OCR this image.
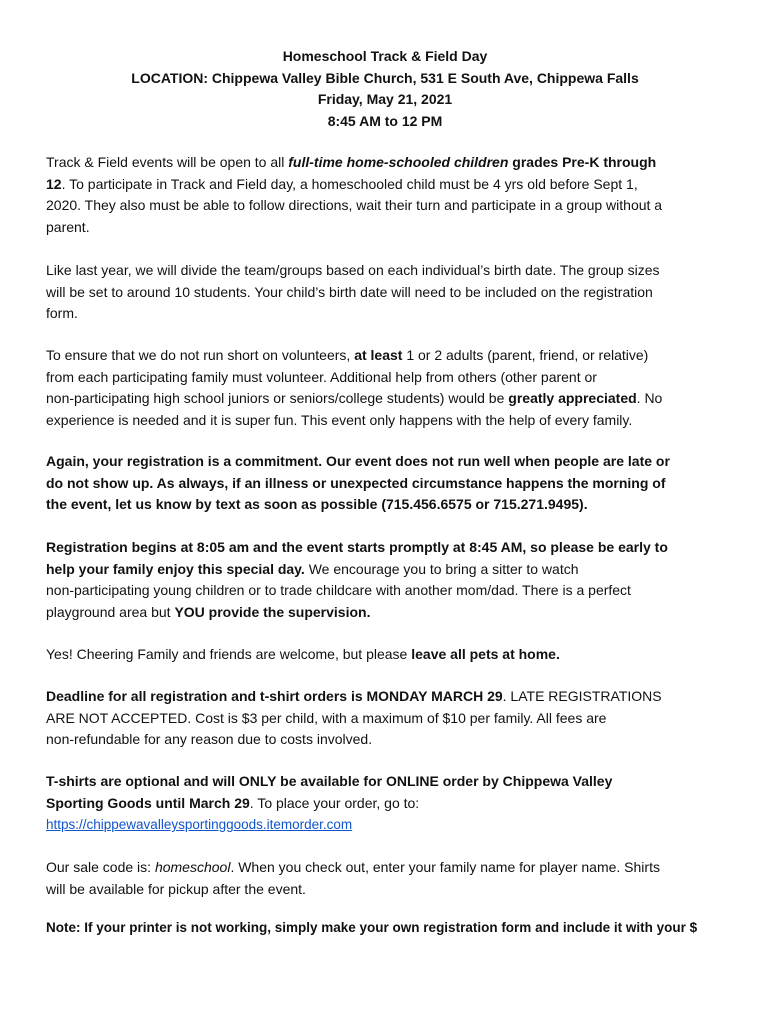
Homeschool Track & Field Day
LOCATION: Chippewa Valley Bible Church, 531 E South Ave, Chippewa Falls
Friday, May 21, 2021
8:45 AM to 12 PM
Track & Field events will be open to all full-time home-schooled children grades Pre-K through
12. To participate in Track and Field day, a homeschooled child must be 4 yrs old before Sept 1,
2020. They also must be able to follow directions, wait their turn and participate in a group without a
parent.
Like last year, we will divide the team/groups based on each individual’s birth date. The group sizes
will be set to around 10 students. Your child’s birth date will need to be included on the registration
form.
To ensure that we do not run short on volunteers, at least 1 or 2 adults (parent, friend, or relative)
from each participating family must volunteer. Additional help from others (other parent or
non-participating high school juniors or seniors/college students) would be greatly appreciated. No
experience is needed and it is super fun. This event only happens with the help of every family.
Again, your registration is a commitment. Our event does not run well when people are late or
do not show up. As always, if an illness or unexpected circumstance happens the morning of
the event, let us know by text as soon as possible (715.456.6575 or 715.271.9495).
Registration begins at 8:05 am and the event starts promptly at 8:45 AM, so please be early to
help your family enjoy this special day. We encourage you to bring a sitter to watch
non-participating young children or to trade childcare with another mom/dad. There is a perfect
playground area but YOU provide the supervision.
Yes! Cheering Family and friends are welcome, but please leave all pets at home.
Deadline for all registration and t-shirt orders is MONDAY MARCH 29. LATE REGISTRATIONS
ARE NOT ACCEPTED. Cost is $3 per child, with a maximum of $10 per family. All fees are
non-refundable for any reason due to costs involved.
T-shirts are optional and will ONLY be available for ONLINE order by Chippewa Valley
Sporting Goods until March 29. To place your order, go to:
https://chippewavalleysportinggoods.itemorder.com
Our sale code is: homeschool. When you check out, enter your family name for player name. Shirts
will be available for pickup after the event.
Note: If your printer is not working, simply make your own registration form and include it with your $
